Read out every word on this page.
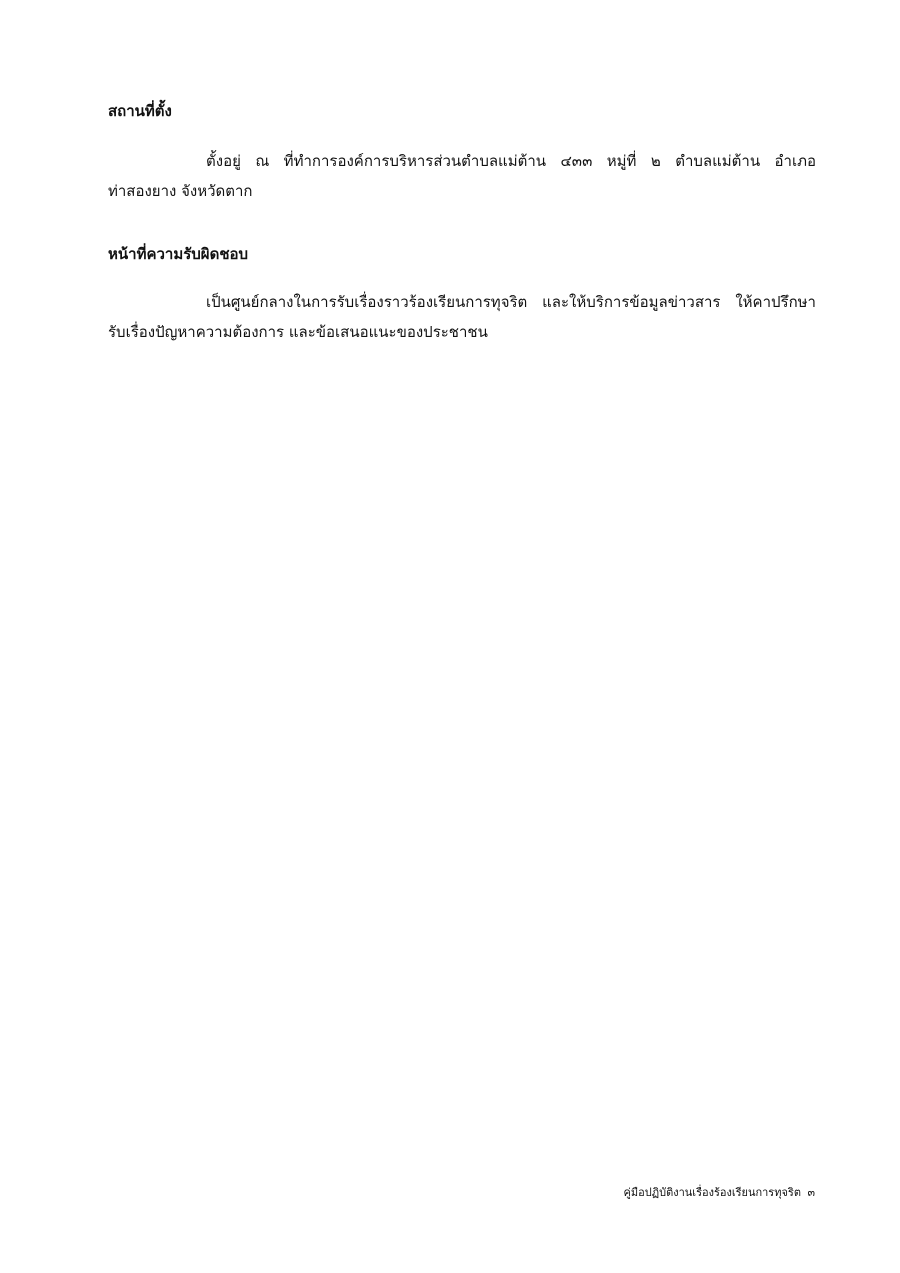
สถานที่ตั้ง

ตั้งอยู่ ณ ที่ทำการองค์การบริหารส่วนตำบลแม่ต้าน ๔๓๓ หมู่ที่ ๒ ตำบลแม่ต้าน อำเภอท่าสองยาง จังหวัดตาก

หน้าที่ความรับผิดชอบ

เป็นศูนย์กลางในการรับเรื่องราวร้องเรียนการทุจริต และให้บริการข้อมูลข่าวสาร ให้คาปรึกษา รับเรื่องปัญหาความต้องการ และข้อเสนอแนะของประชาชน

คู่มือปฏิบัติงานเรื่องร้องเรียนการทุจริต ๓
